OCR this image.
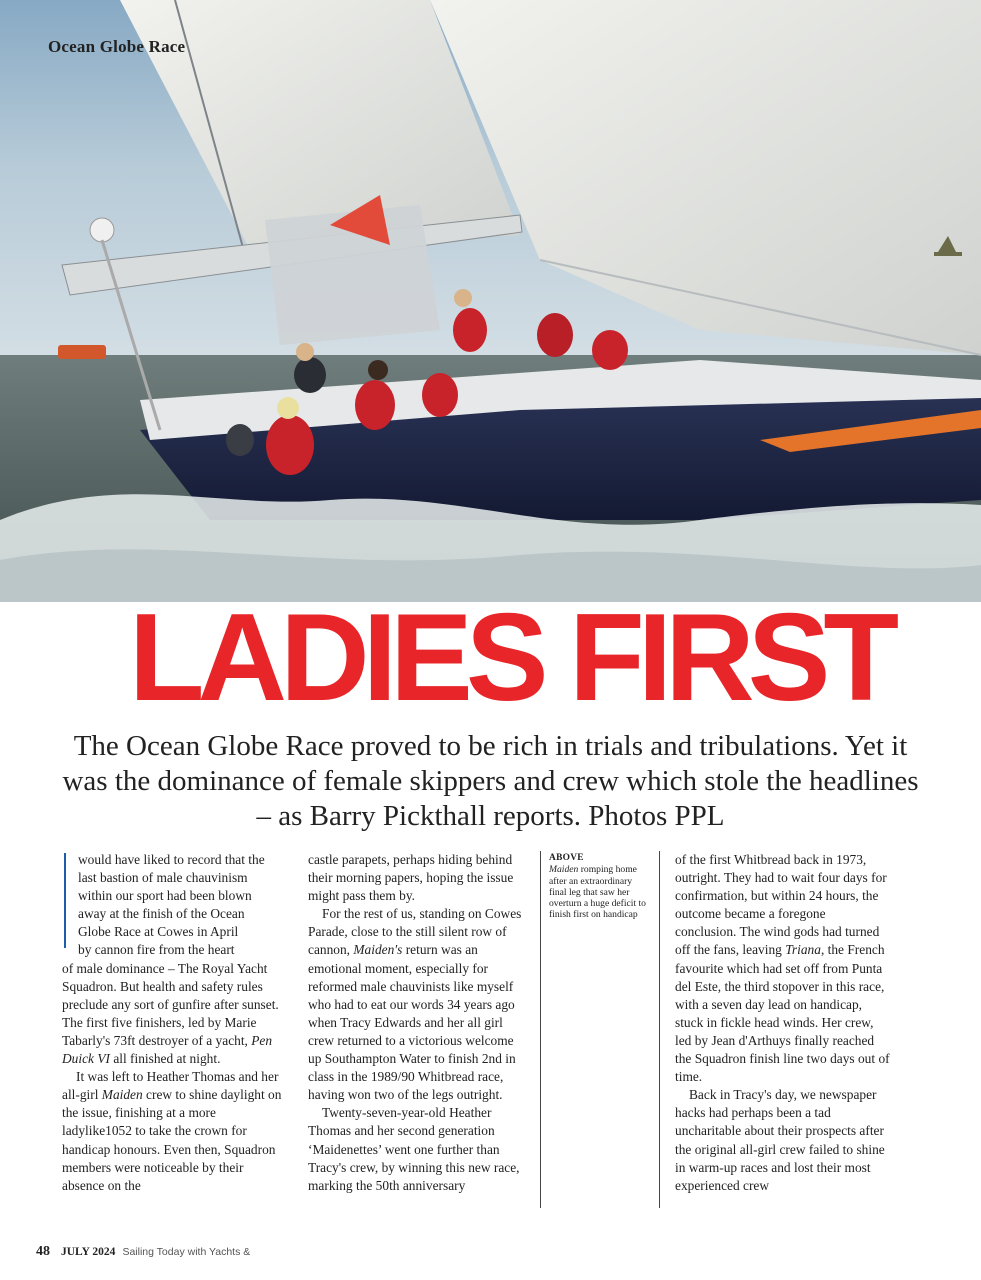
Ocean Globe Race
LADIES FIRST
The Ocean Globe Race proved to be rich in trials and tribulations. Yet it was the dominance of female skippers and crew which stole the headlines – as Barry Pickthall reports. Photos PPL
would have liked to record that the
last bastion of male chauvinism
within our sport had been blown
away at the finish of the Ocean
Globe Race at Cowes in April
by cannon fire from the heart

of male dominance – The Royal Yacht Squadron. But health and safety rules preclude any sort of gunfire after sunset. The first five finishers, led by Marie Tabarly's 73ft destroyer of a yacht, Pen Duick VI all finished at night.

It was left to Heather Thomas and her all-girl Maiden crew to shine daylight on the issue, finishing at a more ladylike1052 to take the crown for handicap honours. Even then, Squadron members were noticeable by their absence on the

castle parapets, perhaps hiding behind their morning papers, hoping the issue might pass them by.

For the rest of us, standing on Cowes Parade, close to the still silent row of cannon, Maiden's return was an emotional moment, especially for reformed male chauvinists like myself who had to eat our words 34 years ago when Tracy Edwards and her all girl crew returned to a victorious welcome up Southampton Water to finish 2nd in class in the 1989/90 Whitbread race, having won two of the legs outright.

Twenty-seven-year-old Heather Thomas and her second generation ‘Maidenettes’ went one further than Tracy's crew, by winning this new race, marking the 50th anniversary

ABOVE
Maiden romping home after an extraordinary final leg that saw her overturn a huge deficit to finish first on handicap

of the first Whitbread back in 1973, outright. They had to wait four days for confirmation, but within 24 hours, the outcome became a foregone conclusion. The wind gods had turned off the fans, leaving Triana, the French favourite which had set off from Punta del Este, the third stopover in this race, with a seven day lead on handicap, stuck in fickle head winds. Her crew, led by Jean d'Arthuys finally reached the Squadron finish line two days out of time.

Back in Tracy's day, we newspaper hacks had perhaps been a tad uncharitable about their prospects after the original all-girl crew failed to shine in warm-up races and lost their most experienced crew

48 JULY 2024 Sailing Today with Yachts &
